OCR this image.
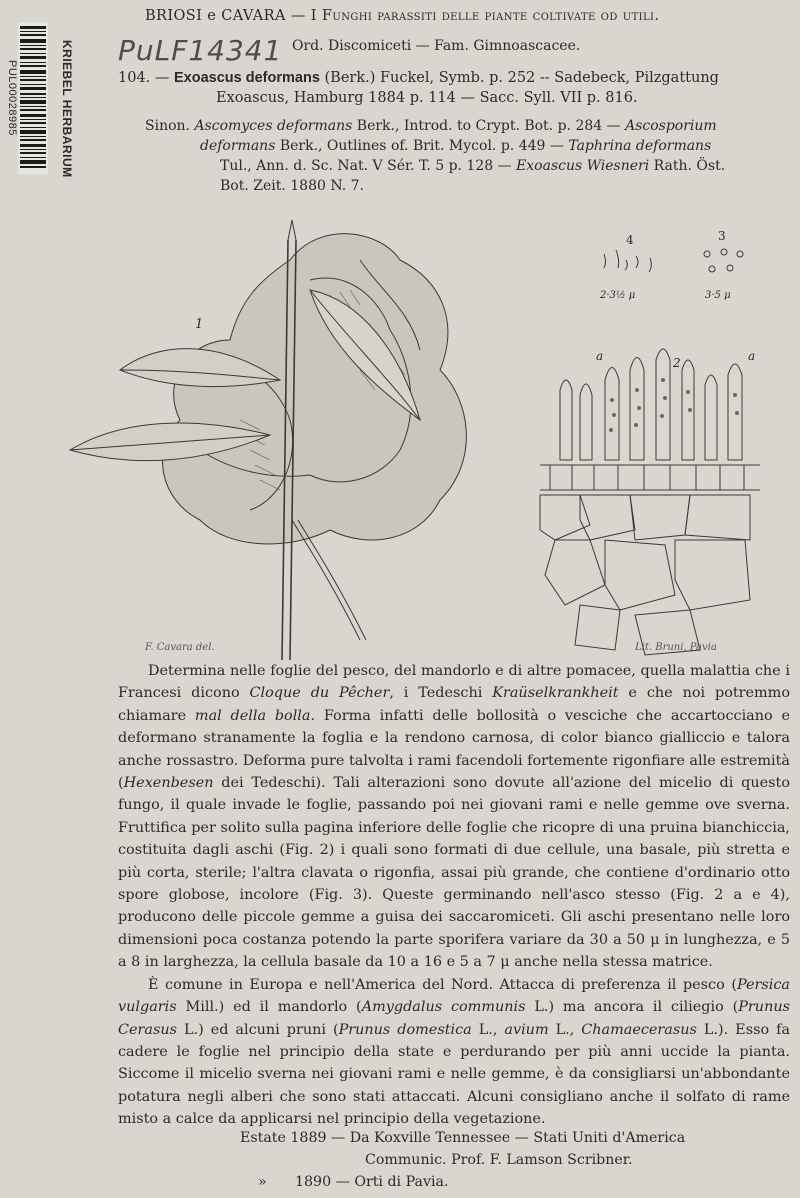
KRIEBEL HERBARIUM
PUL00028985
PuLF14341
BRIOSI e CAVARA — I Funghi parassiti delle piante coltivate od utili.
Ord. Discomiceti — Fam. Gimnoascacee.
104. — Exoascus deformans (Berk.) Fuckel, Symb. p. 252 -- Sadebeck, Pilzgattung
Exoascus, Hamburg 1884 p. 114 — Sacc. Syll. VII p. 816.
Sinon. Ascomyces deformans Berk., Introd. to Crypt. Bot. p. 284 — Ascosporium
deformans Berk., Outlines of. Brit. Mycol. p. 449 — Taphrina deformans
Tul., Ann. d. Sc. Nat. V Sér. T. 5 p. 128 — Exoascus Wiesneri Rath. Öst.
Bot. Zeit. 1880 N. 7.
1
4	3
2·3½ μ	3·5 μ
2
a	a
F. Cavara del.	Lit. Bruni, Pavia

Determina nelle foglie del pesco, del mandorlo e di altre pomacee, quella malattia che i Francesi dicono Cloque du Pêcher, i Tedeschi Kraüselkrankheit e che noi potremmo chiamare mal della bolla. Forma infatti delle bollosità o vesciche che accartocciano e deformano stranamente la foglia e la rendono carnosa, di color bianco gialliccio e talora anche rossastro. Deforma pure talvolta i rami facendoli fortemente rigonfiare alle estremità (Hexenbesen dei Tedeschi). Tali alterazioni sono dovute all'azione del micelio di questo fungo, il quale invade le foglie, passando poi nei giovani rami e nelle gemme ove sverna. Fruttifica per solito sulla pagina inferiore delle foglie che ricopre di una pruina bianchiccia, costituita dagli aschi (Fig. 2) i quali sono formati di due cellule, una basale, più stretta e più corta, sterile; l'altra clavata o rigonfia, assai più grande, che contiene d'ordinario otto spore globose, incolore (Fig. 3). Queste germinando nell'asco stesso (Fig. 2 a e 4), producono delle piccole gemme a guisa dei saccaromiceti. Gli aschi presentano nelle loro dimensioni poca costanza potendo la parte sporifera variare da 30 a 50 μ in lunghezza, e 5 a 8 in larghezza, la cellula basale da 10 a 16 e 5 a 7 μ anche nella stessa matrice.

È comune in Europa e nell'America del Nord. Attacca di preferenza il pesco (Persica vulgaris Mill.) ed il mandorlo (Amygdalus communis L.) ma ancora il ciliegio (Prunus Cerasus L.) ed alcuni pruni (Prunus domestica L., avium L., Chamaecerasus L.). Esso fa cadere le foglie nel principio della state e perdurando per più anni uccide la pianta. Siccome il micelio sverna nei giovani rami e nelle gemme, è da consigliarsi un'abbondante potatura negli alberi che sono stati attaccati. Alcuni consigliano anche il solfato di rame misto a calce da applicarsi nel principio della vegetazione.

Estate 1889 — Da Koxville Tennessee — Stati Uniti d'America
Communic. Prof. F. Lamson Scribner.
» 1890 — Orti di Pavia.
